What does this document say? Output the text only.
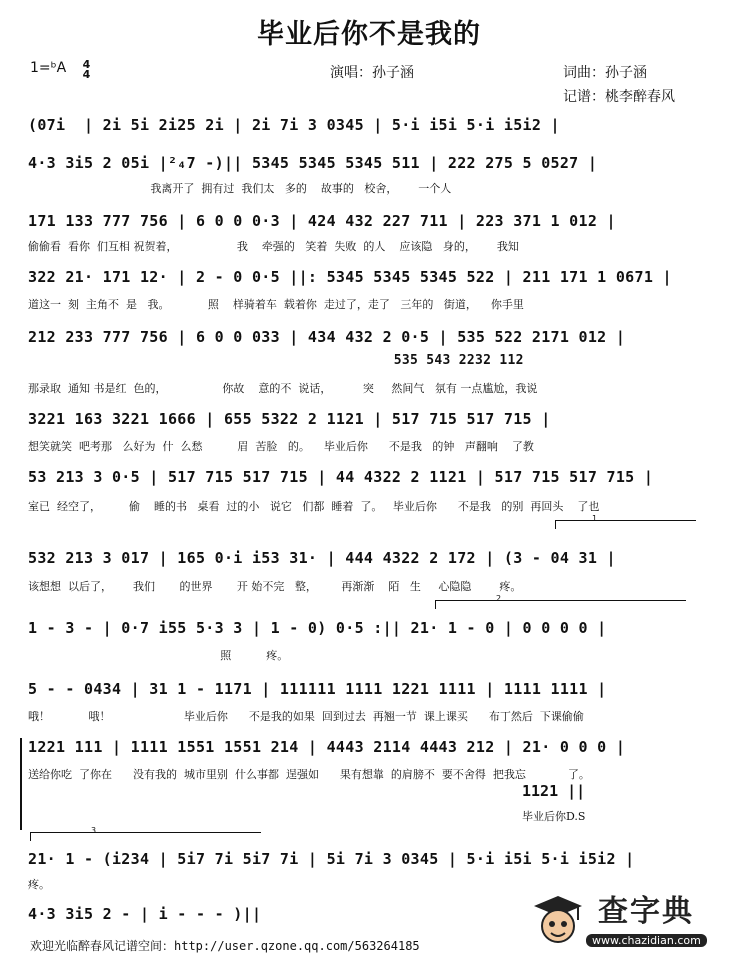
毕业后你不是我的
1=ᵇA 4
4	演唱：孙子涵	词曲：孙子涵
记谱：桃李醉春风
(07i  | 2i 5i 2i25 2i | 2i 7i 3 0345 | 5·i i5i 5·i i5i2 |
4·3 3i5 2 05i |²₄7 -)|| 5345 5345 5345 511 | 222 275 5 0527 |
我离开了  拥有过  我们太   多的    故事的   校舍，      一个人
171 133 777 756 | 6 0 0 0·3 | 424 432 227 711 | 223 371 1 012 |
偷偷看  看你  们互相 祝贺着，                 我    牵强的   笑着  失败  的人    应该隐   身的，      我知
322 21· 171 12· | 2 - 0 0·5 ||: 5345 5345 5345 522 | 211 171 1 0671 |
道这一  刻  主角不  是   我。           照    样骑着车  载着你  走过了，走了   三年的   街道，    你手里
212 233 777 756 | 6 0 0 033 | 434 432 2 0·5 | 535 522 2171 012 |
535 543 2232 112
那录取  通知 书是红  色的，                你故    意的不  说话，         突     然间气   氛有 一点尴尬，我说
3221 163 3221 1666 | 655 5322 2 1121 | 517 715 517 715 |
想笑就笑  吧考那   么好为  什  么愁          眉  苦脸   的。    毕业后你      不是我   的钟   声翻响    了教
53 213 3 0·5 | 517 715 517 715 | 44 4322 2 1121 | 517 715 517 715 |
室已  经空了，        偷    睡的书   桌看  过的小   说它   们都  睡着  了。   毕业后你      不是我   的别  再回头    了也
1
532 213 3 017 | 165 0·i i53 31· | 444 4322 2 172 | (3 - 04 31 |
该想想  以后了，      我们       的世界       开 始不完   整，       再渐渐    陌   生     心隐隐        疼。
2
1 - 3 - | 0·7 i55 5·3 3 | 1 - 0) 0·5 :|| 21· 1 - 0 | 0 0 0 0 |
照          疼。
5 - - 0434 | 31 1 - 1171 | 111111 1111 1221 1111 | 1111 1111 |
哦！           哦！                     毕业后你      不是我的如果  回到过去  再翘一节  课上课买      布丁然后  下课偷偷
1221 111 | 1111 1551 1551 214 | 4443 2114 4443 212 | 21· 0 0 0 |
送给你吃  了你在      没有我的  城市里别  什么事都  逞强如      果有想靠  的肩膀不  要不舍得  把我忘            了。
1121 ||
毕业后你D.S
3
21· 1 - (i234 | 5i7 7i 5i7 7i | 5i 7i 3 0345 | 5·i i5i 5·i i5i2 |
疼。
4·3 3i5 2 - | i - - - )||
欢迎光临醉春风记谱空间：http://user.qzone.qq.com/563264185
查字典
www.chazidian.com
